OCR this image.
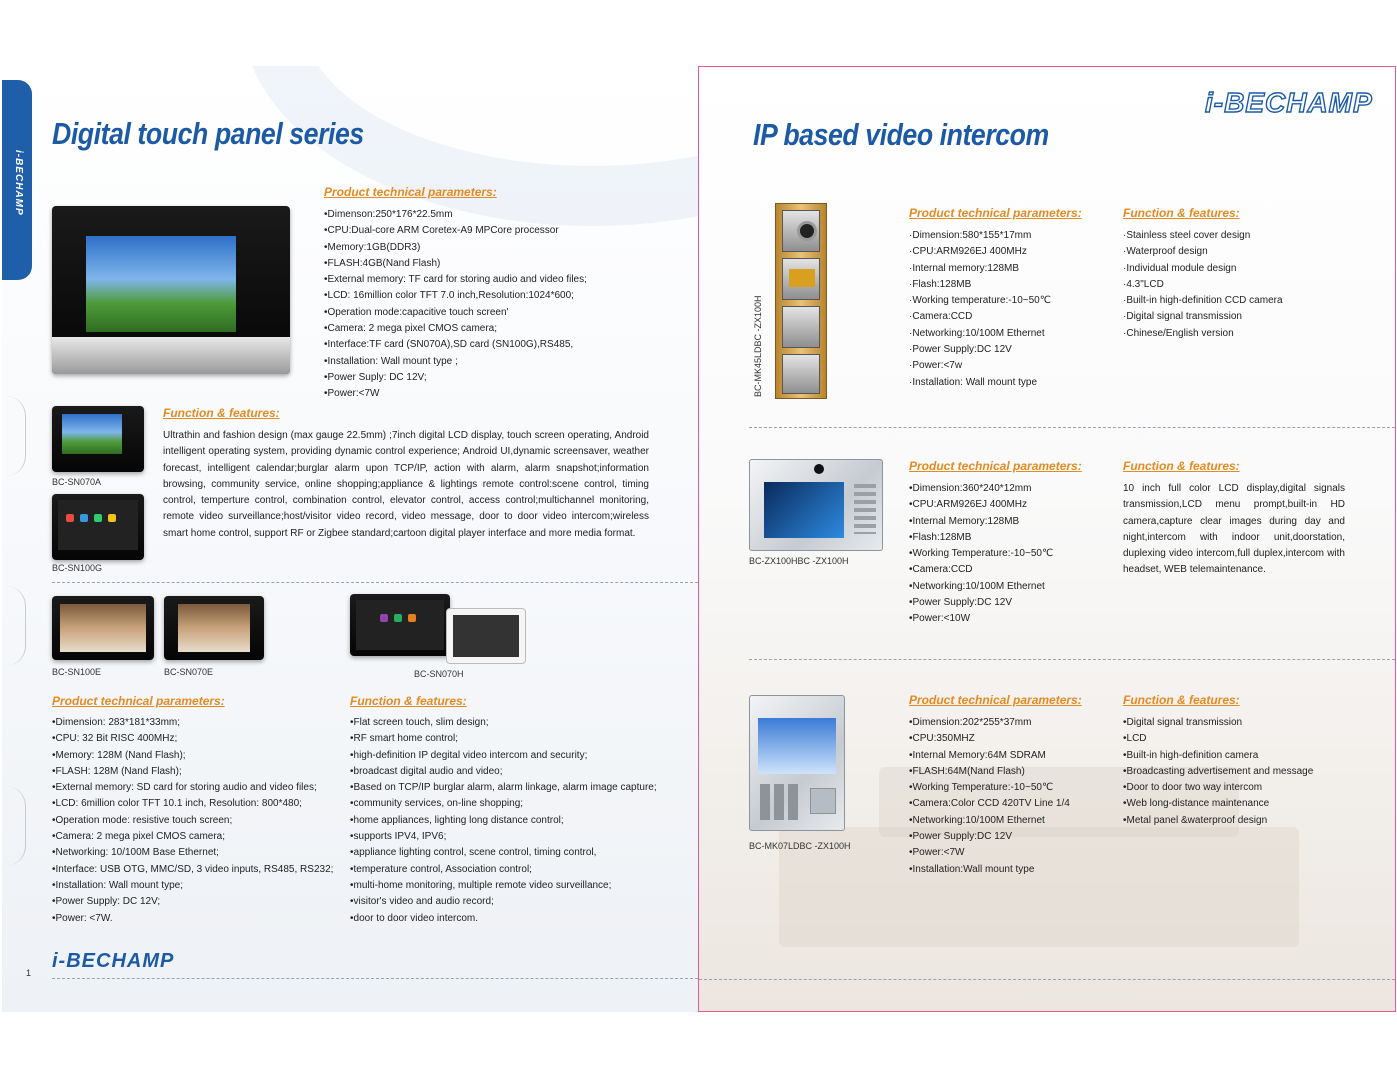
i-BECHAMP
Digital touch panel series
Product technical parameters:
• Dimenson:250*176*22.5mm
• CPU:Dual-core ARM Coretex-A9 MPCore processor
• Memory:1GB(DDR3)
• FLASH:4GB(Nand Flash)
• External memory: TF card for storing audio and video files;
• LCD: 16million color TFT 7.0 inch,Resolution:1024*600;
• Operation mode:capacitive touch screen'
• Camera: 2 mega pixel CMOS camera;
• Interface:TF card (SN070A),SD card (SN100G),RS485,
• Installation: Wall mount type ;
• Power Suply: DC 12V;
• Power:<7W
BC-SN070A
BC-SN100G
Function & features:
Ultrathin and fashion design (max gauge 22.5mm) ;7inch digital LCD display, touch screen operating, Android intelligent operating system, providing dynamic control experience; Android UI,dynamic screensaver, weather forecast, intelligent calendar;burglar alarm upon TCP/IP, action with alarm, alarm snapshot;information browsing, community service, online shopping;appliance & lightings remote control:scene control, timing control, temperture control, combination control, elevator control, access control;multichannel monitoring, remote video surveillance;host/visitor video record, video message, door to door video intercom;wireless smart home control, support RF or Zigbee standard;cartoon digital player interface and more media format.
BC-SN100E	BC-SN070E	BC-SN070H
Product technical parameters:
• Dimension: 283*181*33mm;
• CPU: 32 Bit RISC 400MHz;
• Memory: 128M (Nand Flash);
• FLASH: 128M (Nand Flash);
• External memory: SD card for storing audio and video files;
• LCD: 6million color TFT 10.1 inch, Resolution: 800*480;
• Operation mode: resistive touch screen;
• Camera: 2 mega pixel CMOS camera;
• Networking: 10/100M Base Ethernet;
• Interface: USB OTG, MMC/SD, 3 video inputs, RS485, RS232;
• Installation: Wall mount type;
• Power Supply: DC 12V;
• Power: <7W.
Function & features:
• Flat screen touch, slim design;
• RF smart home control;
• high-definition IP degital video intercom and security;
• broadcast digital audio and video;
• Based on TCP/IP burglar alarm, alarm linkage, alarm image capture;
• community services, on-line shopping;
• home appliances, lighting long distance control;
• supports IPV4, IPV6;
• appliance lighting control, scene control, timing control,
• temperature control, Association control;
• multi-home monitoring, multiple remote video surveillance;
• visitor's video and audio record;
• door to door video intercom.
i-BECHAMP
1
i-BECHAMP
IP based video intercom
BC-MK45LDBC -ZX100H
Product technical parameters:
· Dimension:580*155*17mm
· CPU:ARM926EJ 400MHz
· Internal memory:128MB
· Flash:128MB
· Working temperature:-10~50℃
· Camera:CCD
· Networking:10/100M Ethernet
· Power Supply:DC 12V
· Power:<7w
· Installation: Wall mount type
Function & features:
· Stainless steel cover design
· Waterproof design
· Individual module design
· 4.3"LCD
· Built-in high-definition CCD camera
· Digital signal transmission
· Chinese/English version
BC-ZX100HBC -ZX100H
Product technical parameters:
• Dimension:360*240*12mm
• CPU:ARM926EJ 400MHz
• Internal Memory:128MB
• Flash:128MB
• Working Temperature:-10~50℃
• Camera:CCD
• Networking:10/100M Ethernet
• Power Supply:DC 12V
• Power:<10W
Function & features:
10 inch full color LCD display,digital signals transmission,LCD menu prompt,built-in HD camera,capture clear images during day and night,intercom with indoor unit,doorstation, duplexing video intercom,full duplex,intercom with headset, WEB telemaintenance.
BC-MK07LDBC -ZX100H
Product technical parameters:
• Dimension:202*255*37mm
• CPU:350MHZ
• Internal Memory:64M SDRAM
• FLASH:64M(Nand Flash)
• Working Temperature:-10~50℃
• Camera:Color CCD 420TV Line 1/4
• Networking:10/100M Ethernet
• Power Supply:DC 12V
• Power:<7W
• Installation:Wall mount type
Function & features:
• Digital signal transmission
• LCD
• Built-in high-definition camera
• Broadcasting advertisement and message
• Door to door two way intercom
• Web long-distance maintenance
• Metal panel &waterproof design
